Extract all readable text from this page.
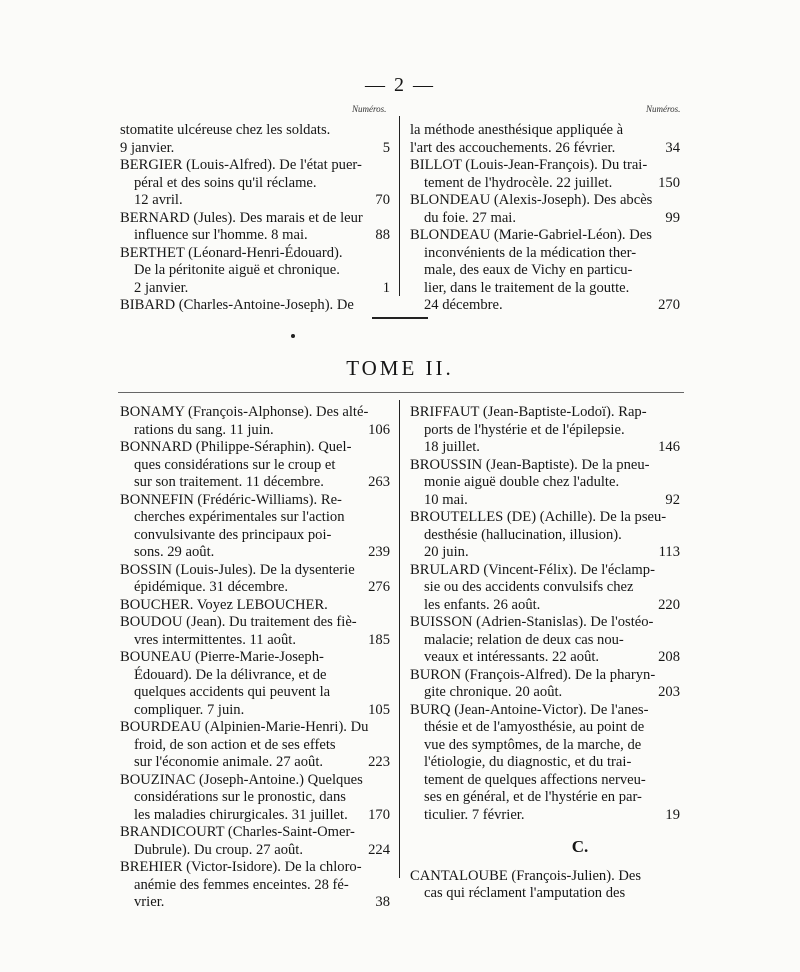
— 2 —
Numéros.	Numéros.
stomatite ulcéreuse chez les soldats.
9 janvier.	5
BERGIER (Louis-Alfred). De l'état puer-
péral et des soins qu'il réclame.
12 avril.	70
BERNARD (Jules). Des marais et de leur
influence sur l'homme. 8 mai.	88
BERTHET (Léonard-Henri-Édouard).
De la péritonite aiguë et chronique.
2 janvier.	1
BIBARD (Charles-Antoine-Joseph). De
la méthode anesthésique appliquée à
l'art des accouchements. 26 février.	34
BILLOT (Louis-Jean-François). Du trai-
tement de l'hydrocèle. 22 juillet.	150
BLONDEAU (Alexis-Joseph). Des abcès
du foie. 27 mai.	99
BLONDEAU (Marie-Gabriel-Léon). Des
inconvénients de la médication ther-
male, des eaux de Vichy en particu-
lier, dans le traitement de la goutte.
24 décembre.	270
TOME II.
BONAMY (François-Alphonse). Des alté-
rations du sang. 11 juin.	106
BONNARD (Philippe-Séraphin). Quel-
ques considérations sur le croup et
sur son traitement. 11 décembre.	263
BONNEFIN (Frédéric-Williams). Re-
cherches expérimentales sur l'action
convulsivante des principaux poi-
sons. 29 août.	239
BOSSIN (Louis-Jules). De la dysenterie
épidémique. 31 décembre.	276
BOUCHER. Voyez LEBOUCHER.
BOUDOU (Jean). Du traitement des fiè-
vres intermittentes. 11 août.	185
BOUNEAU (Pierre-Marie-Joseph-
Édouard). De la délivrance, et de
quelques accidents qui peuvent la
compliquer. 7 juin.	105
BOURDEAU (Alpinien-Marie-Henri). Du
froid, de son action et de ses effets
sur l'économie animale. 27 août.	223
BOUZINAC (Joseph-Antoine.) Quelques
considérations sur le pronostic, dans
les maladies chirurgicales. 31 juillet.	170
BRANDICOURT (Charles-Saint-Omer-
Dubrule). Du croup. 27 août.	224
BREHIER (Victor-Isidore). De la chloro-
anémie des femmes enceintes. 28 fé-
vrier.	38
BRIFFAUT (Jean-Baptiste-Lodoï). Rap-
ports de l'hystérie et de l'épilepsie.
18 juillet.	146
BROUSSIN (Jean-Baptiste). De la pneu-
monie aiguë double chez l'adulte.
10 mai.	92
BROUTELLES (DE) (Achille). De la pseu-
desthésie (hallucination, illusion).
20 juin.	113
BRULARD (Vincent-Félix). De l'éclamp-
sie ou des accidents convulsifs chez
les enfants. 26 août.	220
BUISSON (Adrien-Stanislas). De l'ostéo-
malacie; relation de deux cas nou-
veaux et intéressants. 22 août.	208
BURON (François-Alfred). De la pharyn-
gite chronique. 20 août.	203
BURQ (Jean-Antoine-Victor). De l'anes-
thésie et de l'amyosthésie, au point de
vue des symptômes, de la marche, de
l'étiologie, du diagnostic, et du trai-
tement de quelques affections nerveu-
ses en général, et de l'hystérie en par-
ticulier. 7 février.	19
C.
CANTALOUBE (François-Julien). Des
cas qui réclament l'amputation des
